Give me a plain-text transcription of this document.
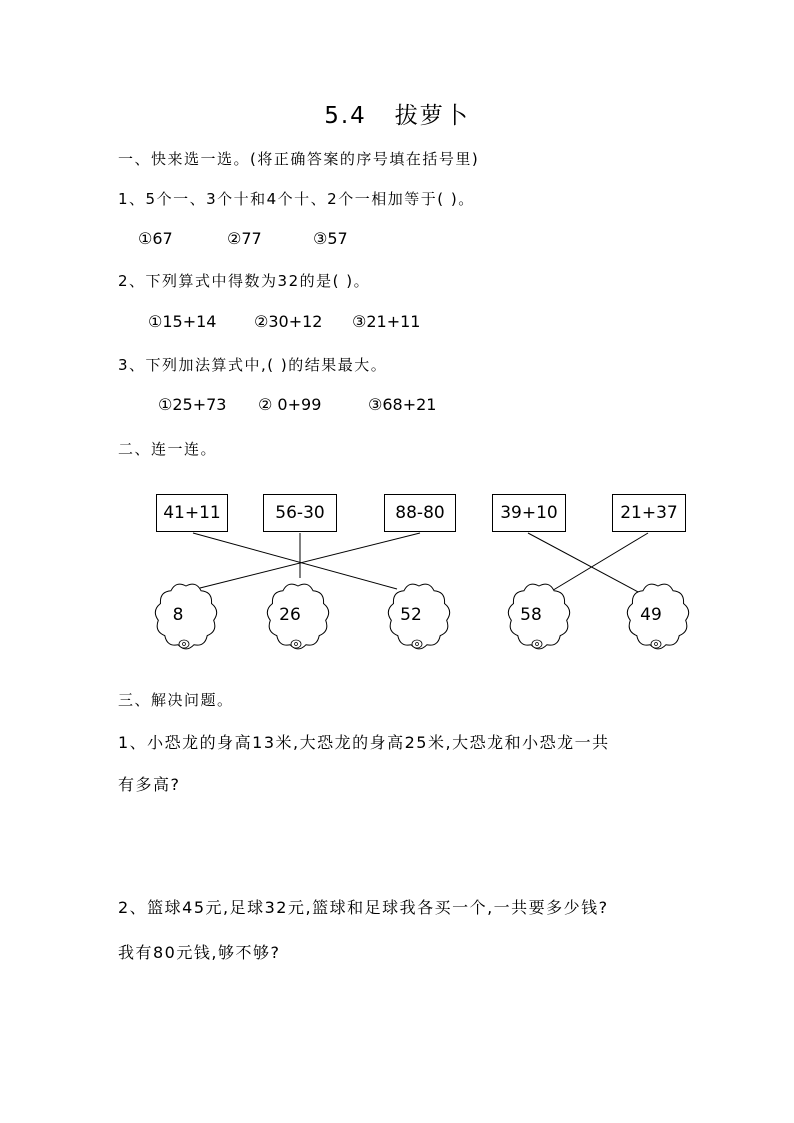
5.4 拔萝卜
一、快来选一选。(将正确答案的序号填在括号里)
1、5个一、3个十和4个十、2个一相加等于( )。
①67	②77	③57
2、下列算式中得数为32的是( )。
①15+14 ②30+12 ③21+11
3、下列加法算式中,( )的结果最大。
①25+73 ② 0+99	③68+21
二、连一连。
41+11	56-30	88-80	39+10	21+37
8	26	52	58	49
三、解决问题。
1、小恐龙的身高13米,大恐龙的身高25米,大恐龙和小恐龙一共
有多高?
2、篮球45元,足球32元,篮球和足球我各买一个,一共要多少钱?
我有80元钱,够不够?
